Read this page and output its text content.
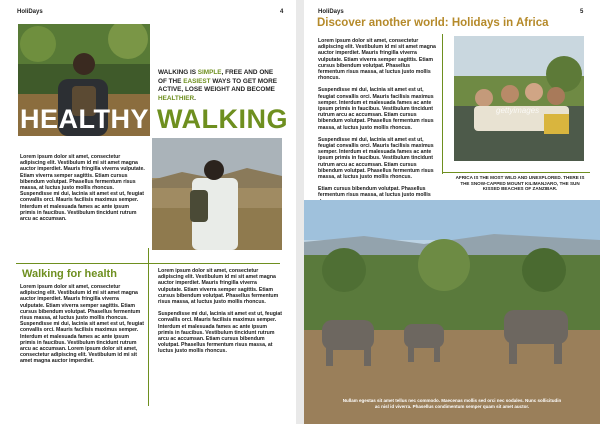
HoliDays	4
HEALTHY WALKING
WALKING IS SIMPLE, FREE AND ONE OF THE EASIEST WAYS TO GET MORE ACTIVE, LOSE WEIGHT AND BECOME HEALTHIER.

Lorem ipsum dolor sit amet, consectetur adipiscing elit. Vestibulum id mi sit amet magna auctor imperdiet. Mauris fringilla viverra vulputate. Etiam viverra semper sagittis. Etiam cursus bibendum volutpat. Phasellus fermentum risus massa, at luctus justo mollis rhoncus. Suspendisse mi dui, lacinia sit amet est ut, feugiat convallis orci. Mauris facilisis maximus semper. Interdum et malesuada fames ac ante ipsum primis in faucibus. Vestibulum tincidunt rutrum arcu ac accumsan.

Walking for health

Lorem ipsum dolor sit amet, consectetur adipiscing elit. Vestibulum id mi sit amet magna auctor imperdiet. Mauris fringilla viverra vulputate. Etiam viverra semper sagittis. Etiam cursus bibendum volutpat. Phasellus fermentum risus massa, at luctus justo mollis rhoncus. Suspendisse mi dui, lacinia sit amet est ut, feugiat convallis orci. Mauris facilisis maximus semper. Interdum et malesuada fames ac ante ipsum primis in faucibus. Vestibulum tincidunt rutrum arcu ac accumsan. Lorem ipsum dolor sit amet, consectetur adipiscing elit. Vestibulum id mi sit amet magna auctor imperdiet.

Lorem ipsum dolor sit amet, consectetur adipiscing elit. Vestibulum id mi sit amet magna auctor imperdiet. Mauris fringilla viverra vulputate. Etiam viverra semper sagittis. Etiam cursus bibendum volutpat. Phasellus fermentum risus massa, at luctus justo mollis rhoncus.

Suspendisse mi dui, lacinia sit amet est ut, feugiat convallis orci. Mauris facilisis maximus semper. Interdum et malesuada fames ac ante ipsum primis in faucibus. Vestibulum tincidunt rutrum arcu ac accumsan. Etiam cursus bibendum volutpat. Phasellus fermentum risus massa, at luctus justo mollis rhoncus.

HoliDays	5
Discover another world: Holidays in Africa

Lorem ipsum dolor sit amet, consectetur adipiscing elit. Vestibulum id mi sit amet magna auctor imperdiet. Mauris fringilla viverra vulputate. Etiam viverra semper sagittis. Etiam cursus bibendum volutpat. Phasellus fermentum risus massa, at luctus justo mollis rhoncus.

Suspendisse mi dui, lacinia sit amet est ut, feugiat convallis orci. Mauris facilisis maximus semper. Interdum et malesuada fames ac ante ipsum primis in faucibus. Vestibulum tincidunt rutrum arcu ac accumsan. Etiam cursus bibendum volutpat. Phasellus fermentum risus massa, at luctus justo mollis rhoncus.

Suspendisse mi dui, lacinia sit amet est ut, feugiat convallis orci. Mauris facilisis maximus semper. Interdum et malesuada fames ac ante ipsum primis in faucibus. Vestibulum tincidunt rutrum arcu ac accumsan. Etiam cursus bibendum volutpat. Phasellus fermentum risus massa, at luctus justo mollis rhoncus.

Etiam cursus bibendum volutpat. Phasellus fermentum risus massa, at luctus justo mollis

gettyimages
AFRICA IS THE MOST WILD AND UNEXPLORED. THERE IS THE SNOW-CAPPED MOUNT KILIMANJARO, THE SUN KISSED BEACHES OF ZANZIBAR.
Nullam egestas sit amet tellus nec commodo. Maecenas mollis sed orci nec sodales. Nunc sollicitudin ac nisl id viverra. Phasellus condimentum semper quam sit amet auctor.
